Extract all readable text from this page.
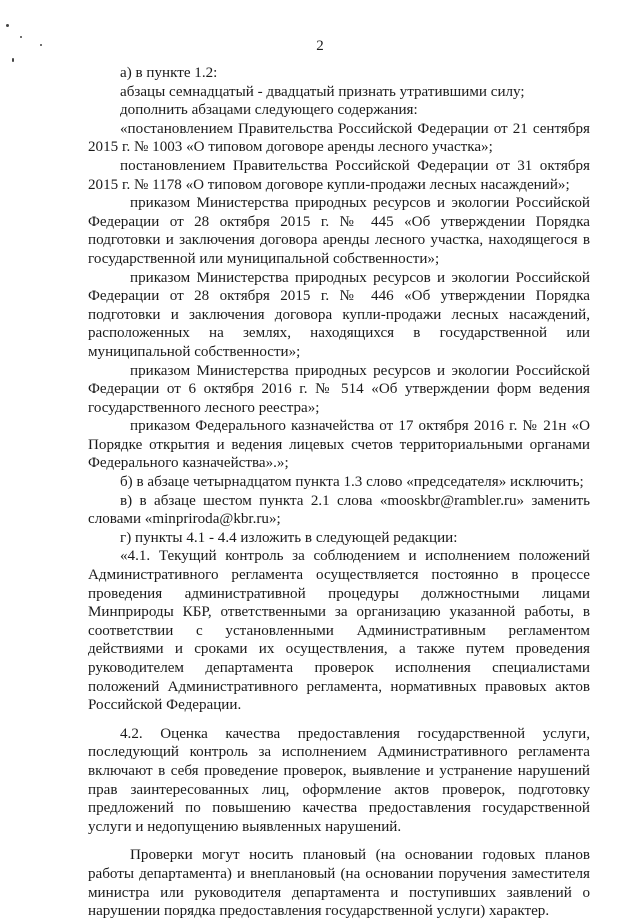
2

а) в пункте 1.2:

абзацы семнадцатый - двадцатый признать утратившими силу;

дополнить абзацами следующего содержания:

«постановлением Правительства Российской Федерации от 21 сентября 2015 г. № 1003 «О типовом договоре аренды лесного участка»;

постановлением Правительства Российской Федерации от 31 октября 2015 г. № 1178 «О типовом договоре купли-продажи лесных насаждений»;

приказом Министерства природных ресурсов и экологии Российской Федерации от 28 октября 2015 г. № 445 «Об утверждении Порядка подготовки и заключения договора аренды лесного участка, находящегося в государственной или муниципальной собственности»;

приказом Министерства природных ресурсов и экологии Российской Федерации от 28 октября 2015 г. № 446 «Об утверждении Порядка подготовки и заключения договора купли-продажи лесных насаждений, расположенных на землях, находящихся в государственной или муниципальной собственности»;

приказом Министерства природных ресурсов и экологии Российской Федерации от 6 октября 2016 г. № 514 «Об утверждении форм ведения государственного лесного реестра»;

приказом Федерального казначейства от 17 октября 2016 г. № 21н «О Порядке открытия и ведения лицевых счетов территориальными органами Федерального казначейства».»;

б) в абзаце четырнадцатом пункта 1.3 слово «председателя» исключить;

в) в абзаце шестом пункта 2.1 слова «mooskbr@rambler.ru» заменить словами «minpriroda@kbr.ru»;

г) пункты 4.1 - 4.4 изложить в следующей редакции:

«4.1. Текущий контроль за соблюдением и исполнением положений Административного регламента осуществляется постоянно в процессе проведения административной процедуры должностными лицами Минприроды КБР, ответственными за организацию указанной работы, в соответствии с установленными Административным регламентом действиями и сроками их осуществления, а также путем проведения руководителем департамента проверок исполнения специалистами положений Административного регламента, нормативных правовых актов Российской Федерации.

4.2. Оценка качества предоставления государственной услуги, последующий контроль за исполнением Административного регламента включают в себя проведение проверок, выявление и устранение нарушений прав заинтересованных лиц, оформление актов проверок, подготовку предложений по повышению качества предоставления государственной услуги и недопущению выявленных нарушений.

Проверки могут носить плановый (на основании годовых планов работы департамента) и внеплановый (на основании поручения заместителя министра или руководителя департамента и поступивших заявлений о нарушении порядка предоставления государственной услуги) характер.
